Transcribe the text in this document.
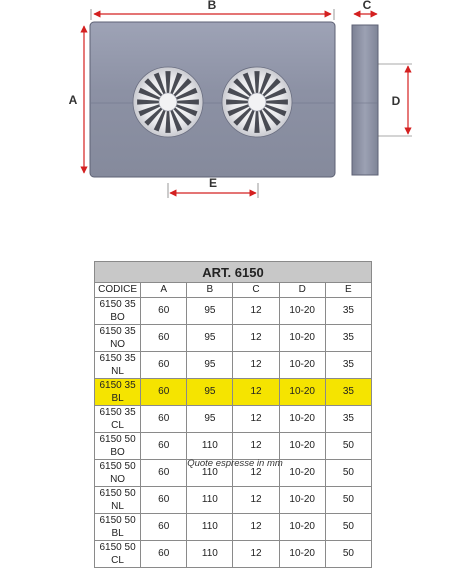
B	C
A	D
E
ART. 6150					
CODICE	A	B	C	D	E
6150 35 BO	60	95	12	10-20	35
6150 35 NO	60	95	12	10-20	35
6150 35 NL	60	95	12	10-20	35
6150 35 BL	60	95	12	10-20	35
6150 35 CL	60	95	12	10-20	35
6150 50 BO	60	110	12	10-20	50
6150 50 NO	60	110	12	10-20	50
6150 50 NL	60	110	12	10-20	50
6150 50 BL	60	110	12	10-20	50
6150 50 CL	60	110	12	10-20	50
Quote espresse in mm
